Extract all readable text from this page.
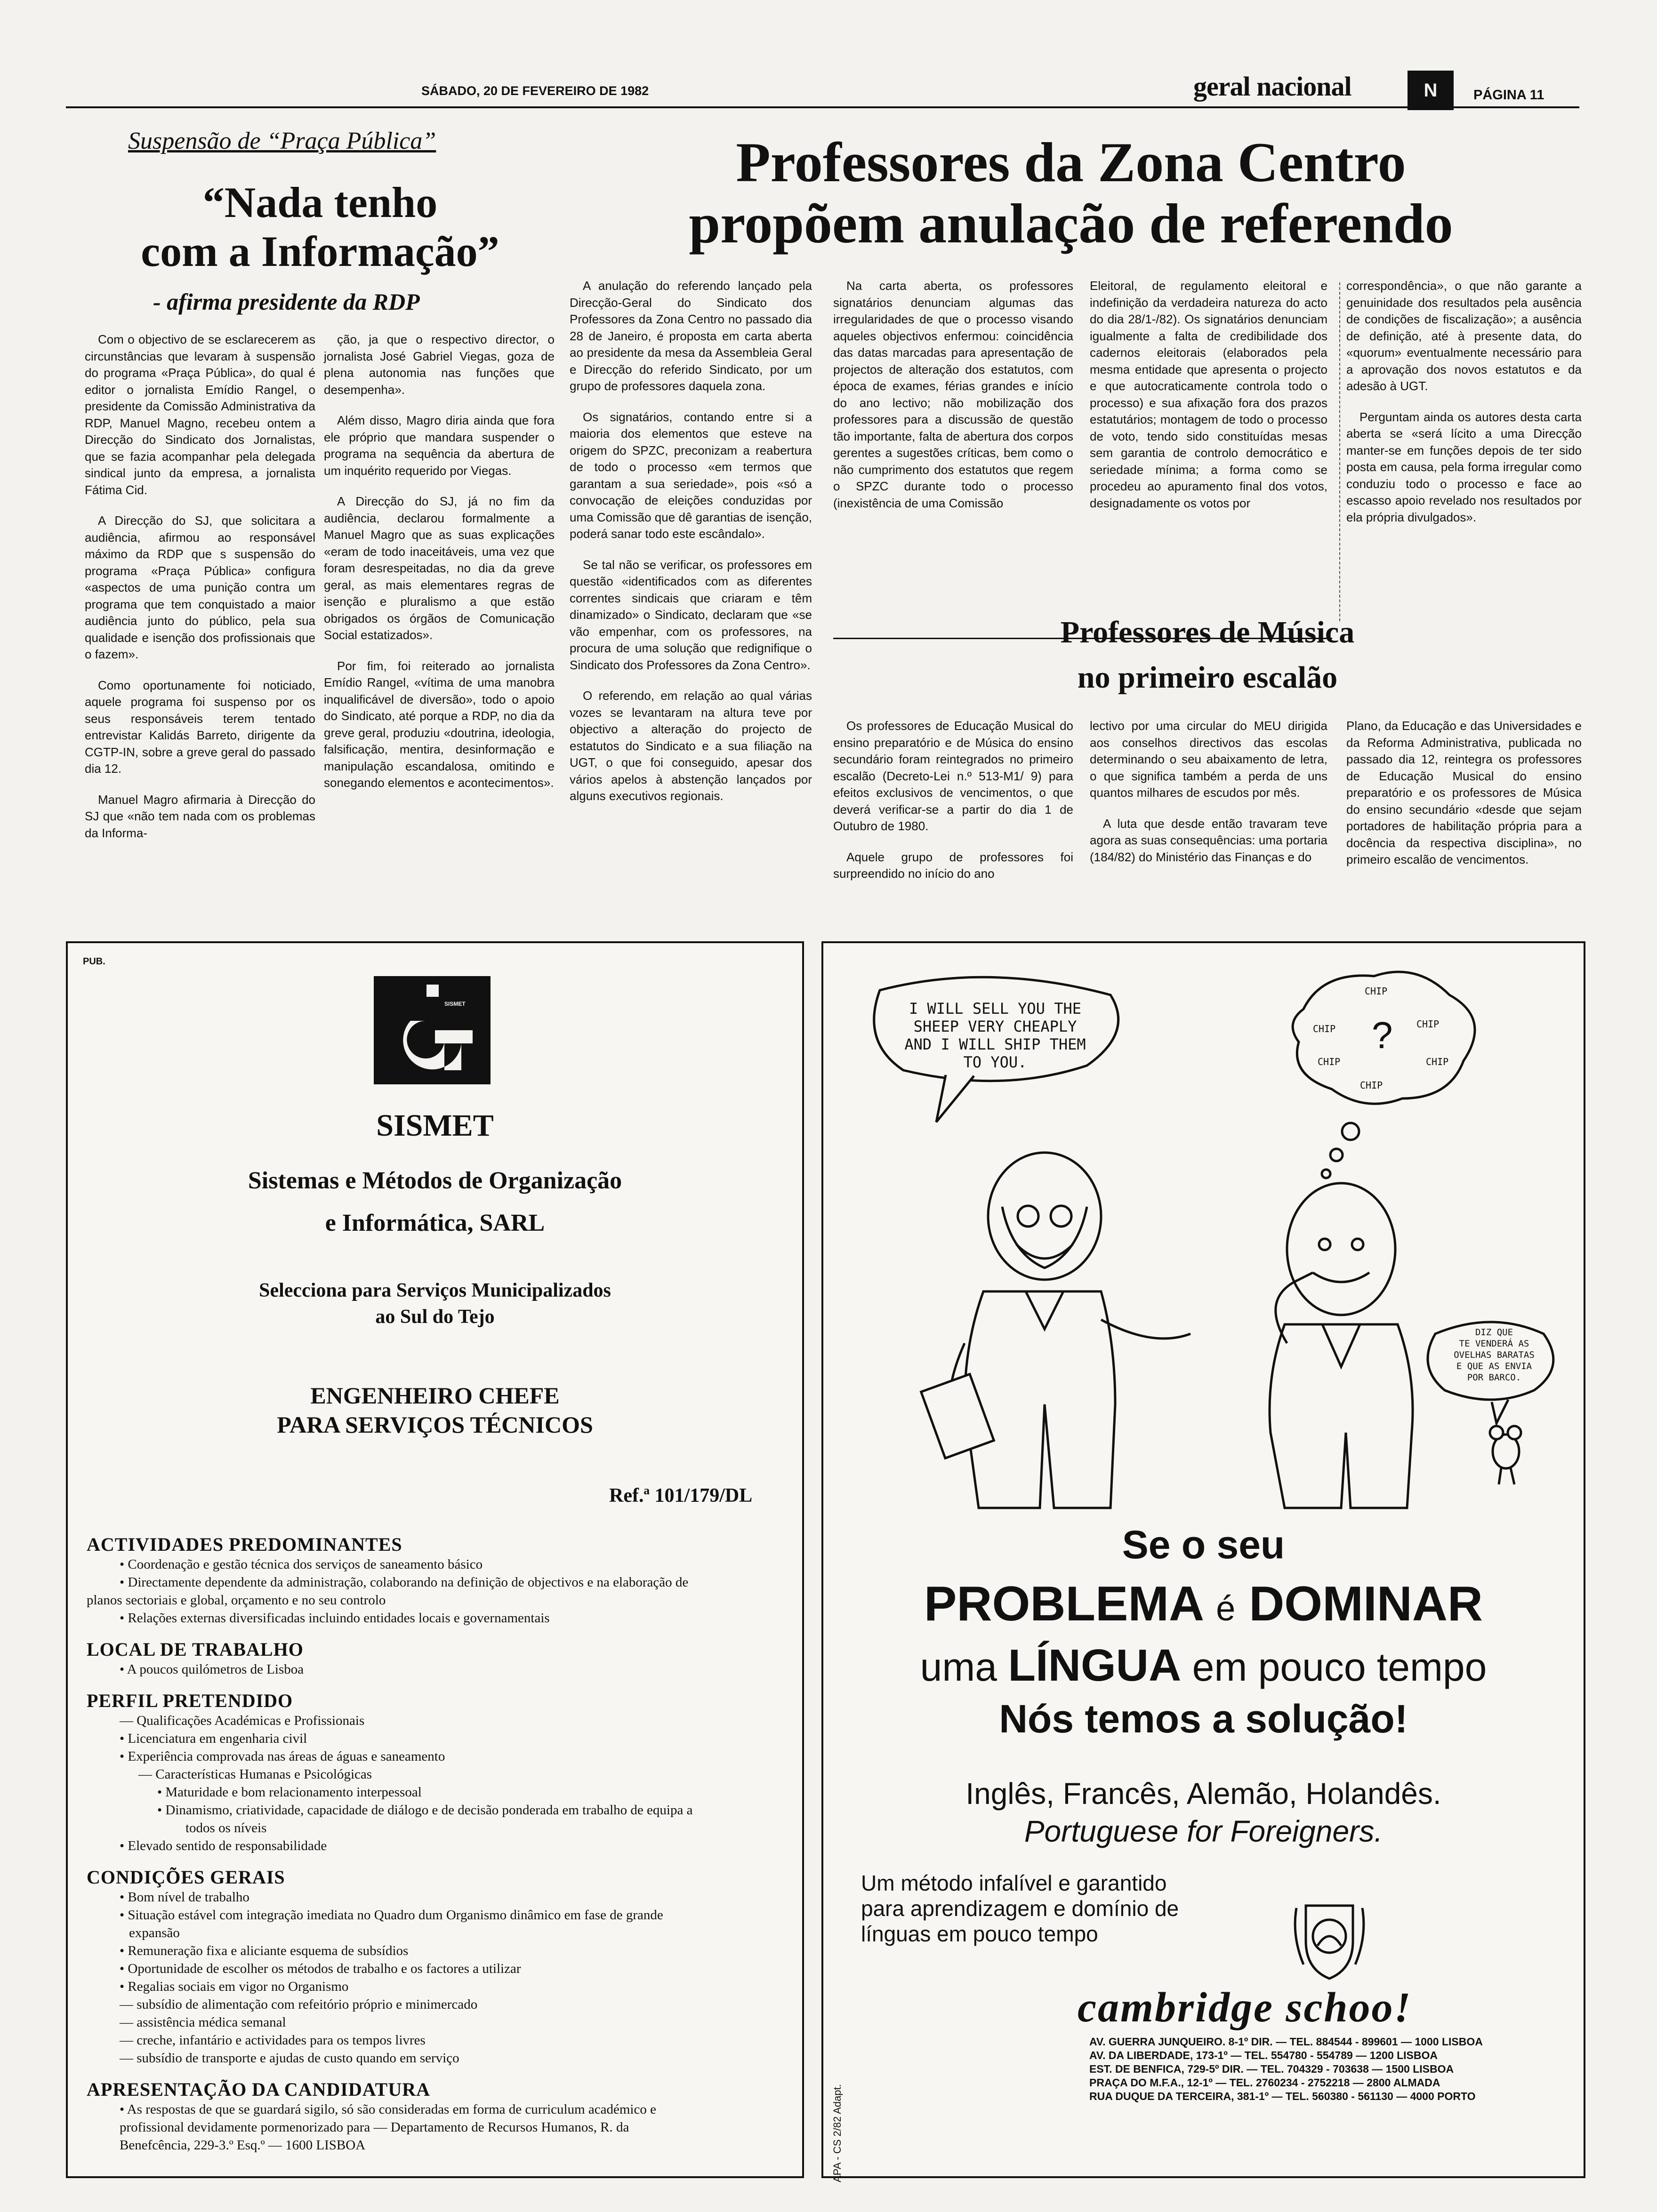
SÁBADO, 20 DE FEVEREIRO DE 1982	geral nacional	N	PÁGINA 11
Suspensão de “Praça Pública”
“Nada tenho
com a Informação”
- afirma presidente da RDP

Com o objectivo de se esclarecerem as circunstâncias que levaram à suspensão do programa «Praça Pública», do qual é editor o jornalista Emídio Rangel, o presidente da Comissão Administrativa da RDP, Manuel Magno, recebeu ontem a Direcção do Sindicato dos Jornalistas, que se fazia acompanhar pela delegada sindical junto da empresa, a jornalista Fátima Cid.

A Direcção do SJ, que solicitara a audiência, afirmou ao responsável máximo da RDP que s suspensão do programa «Praça Pública» configura «aspectos de uma punição contra um programa que tem conquistado a maior audiência junto do público, pela sua qualidade e isenção dos profissionais que o fazem».

Como oportunamente foi noticiado, aquele programa foi suspenso por os seus responsáveis terem tentado entrevistar Kalidás Barreto, dirigente da CGTP-IN, sobre a greve geral do passado dia 12.

Manuel Magro afirmaria à Direcção do SJ que «não tem nada com os problemas da Informa-

ção, ja que o respectivo director, o jornalista José Gabriel Viegas, goza de plena autonomia nas funções que desempenha».

Além disso, Magro diria ainda que fora ele próprio que mandara suspender o programa na sequência da abertura de um inquérito requerido por Viegas.

A Direcção do SJ, já no fim da audiência, declarou formalmente a Manuel Magro que as suas explicações «eram de todo inaceitáveis, uma vez que foram desrespeitadas, no dia da greve geral, as mais elementares regras de isenção e pluralismo a que estão obrigados os órgãos de Comunicação Social estatizados».

Por fim, foi reiterado ao jornalista Emídio Rangel, «vítima de uma manobra inqualificável de diversão», todo o apoio do Sindicato, até porque a RDP, no dia da greve geral, produziu «doutrina, ideologia, falsificação, mentira, desinformação e manipulação escandalosa, omitindo e sonegando elementos e acontecimentos».

Professores da Zona Centro
propõem anulação de referendo

A anulação do referendo lançado pela Direcção-Geral do Sindicato dos Professores da Zona Centro no passado dia 28 de Janeiro, é proposta em carta aberta ao presidente da mesa da Assembleia Geral e Direcção do referido Sindicato, por um grupo de professores daquela zona.

Os signatários, contando entre si a maioria dos elementos que esteve na origem do SPZC, preconizam a reabertura de todo o processo «em termos que garantam a sua seriedade», pois «só a convocação de eleições conduzidas por uma Comissão que dê garantias de isenção, poderá sanar todo este escândalo».

Se tal não se verificar, os professores em questão «identificados com as diferentes correntes sindicais que criaram e têm dinamizado» o Sindicato, declaram que «se vão empenhar, com os professores, na procura de uma solução que redignifique o Sindicato dos Professores da Zona Centro».

O referendo, em relação ao qual várias vozes se levantaram na altura teve por objectivo a alteração do projecto de estatutos do Sindicato e a sua filiação na UGT, o que foi conseguido, apesar dos vários apelos à abstenção lançados por alguns executivos regionais.

Na carta aberta, os professores signatários denunciam algumas das irregularidades de que o processo visando aqueles objectivos enfermou: coincidência das datas marcadas para apresentação de projectos de alteração dos estatutos, com época de exames, férias grandes e início do ano lectivo; não mobilização dos professores para a discussão de questão tão importante, falta de abertura dos corpos gerentes a sugestões críticas, bem como o não cumprimento dos estatutos que regem o SPZC durante todo o processo (inexistência de uma Comissão

Eleitoral, de regulamento eleitoral e indefinição da verdadeira natureza do acto do dia 28/1-/82). Os signatários denunciam igualmente a falta de credibilidade dos cadernos eleitorais (elaborados pela mesma entidade que apresenta o projecto e que autocraticamente controla todo o processo) e sua afixação fora dos prazos estatutários; montagem de todo o processo de voto, tendo sido constituídas mesas sem garantia de controlo democrático e seriedade mínima; a forma como se procedeu ao apuramento final dos votos, designadamente os votos por

correspondência», o que não garante a genuinidade dos resultados pela ausência de condições de fiscalização»; a ausência de definição, até à presente data, do «quorum» eventualmente necessário para a aprovação dos novos estatutos e da adesão à UGT.

Perguntam ainda os autores desta carta aberta se «será lícito a uma Direcção manter-se em funções depois de ter sido posta em causa, pela forma irregular como conduziu todo o processo e face ao escasso apoio revelado nos resultados por ela própria divulgados».

Professores de Música
no primeiro escalão

Os professores de Educação Musical do ensino preparatório e de Música do ensino secundário foram reintegrados no primeiro escalão (Decreto-Lei n.º 513-M1/ 9) para efeitos exclusivos de vencimentos, o que deverá verificar-se a partir do dia 1 de Outubro de 1980.

Aquele grupo de professores foi surpreendido no início do ano

lectivo por uma circular do MEU dirigida aos conselhos directivos das escolas determinando o seu abaixamento de letra, o que significa também a perda de uns quantos milhares de escudos por mês.

A luta que desde então travaram teve agora as suas consequências: uma portaria (184/82) do Ministério das Finanças e do

Plano, da Educação e das Universidades e da Reforma Administrativa, publicada no passado dia 12, reintegra os professores de Educação Musical do ensino preparatório e os professores de Música do ensino secundário «desde que sejam portadores de habilitação própria para a docência da respectiva disciplina», no primeiro escalão de vencimentos.

PUB.
SISMET
SISMET
Sistemas e Métodos de Organização
e Informática, SARL
Selecciona para Serviços Municipalizados
ao Sul do Tejo
ENGENHEIRO CHEFE
PARA SERVIÇOS TÉCNICOS
Ref.ª 101/179/DL
ACTIVIDADES PREDOMINANTES
• Coordenação e gestão técnica dos serviços de saneamento básico
• Directamente dependente da administração, colaborando na definição de objectivos e na elaboração de
planos sectoriais e global, orçamento e no seu controlo
• Relações externas diversificadas incluindo entidades locais e governamentais
LOCAL DE TRABALHO
• A poucos quilómetros de Lisboa
PERFIL PRETENDIDO
— Qualificações Académicas e Profissionais
• Licenciatura em engenharia civil
• Experiência comprovada nas áreas de águas e saneamento
— Características Humanas e Psicológicas
• Maturidade e bom relacionamento interpessoal
• Dinamismo, criatividade, capacidade de diálogo e de decisão ponderada em trabalho de equipa a
todos os níveis
• Elevado sentido de responsabilidade
CONDIÇÕES GERAIS
• Bom nível de trabalho
• Situação estável com integração imediata no Quadro dum Organismo dinâmico em fase de grande
expansão
• Remuneração fixa e aliciante esquema de subsídios
• Oportunidade de escolher os métodos de trabalho e os factores a utilizar
• Regalias sociais em vigor no Organismo
— subsídio de alimentação com refeitório próprio e minimercado
— assistência médica semanal
— creche, infantário e actividades para os tempos livres
— subsídio de transporte e ajudas de custo quando em serviço
APRESENTAÇÃO DA CANDIDATURA
• As respostas de que se guardará sigilo, só são consideradas em forma de curriculum académico e
profissional devidamente pormenorizado para — Departamento de Recursos Humanos, R. da
Benefcência, 229-3.º Esq.º — 1600 LISBOA
I WILL SELL YOU THE
SHEEP VERY CHEAPLY
AND I WILL SHIP THEM
TO YOU.
CHIP
CHIP	CHIP
CHIP	CHIP
CHIP
?
DIZ QUE
TE VENDERÁ AS
OVELHAS BARATAS
E QUE AS ENVIA
POR BARCO.
Se o seu
PROBLEMA é DOMINAR
uma LÍNGUA em pouco tempo
Nós temos a solução!
Inglês, Francês, Alemão, Holandês.
Portuguese for Foreigners.
Um método infalível e garantido
para aprendizagem e domínio de
línguas em pouco tempo
APA - CS 2/82 Adapt.
cambridge schoo!
AV. GUERRA JUNQUEIRO. 8-1º DIR. — TEL. 884544 - 899601 — 1000 LISBOA
AV. DA LIBERDADE, 173-1º — TEL. 554780 - 554789 — 1200 LISBOA
EST. DE BENFICA, 729-5º DIR. — TEL. 704329 - 703638 — 1500 LISBOA
PRAÇA DO M.F.A., 12-1º — TEL. 2760234 - 2752218 — 2800 ALMADA
RUA DUQUE DA TERCEIRA, 381-1º — TEL. 560380 - 561130 — 4000 PORTO
